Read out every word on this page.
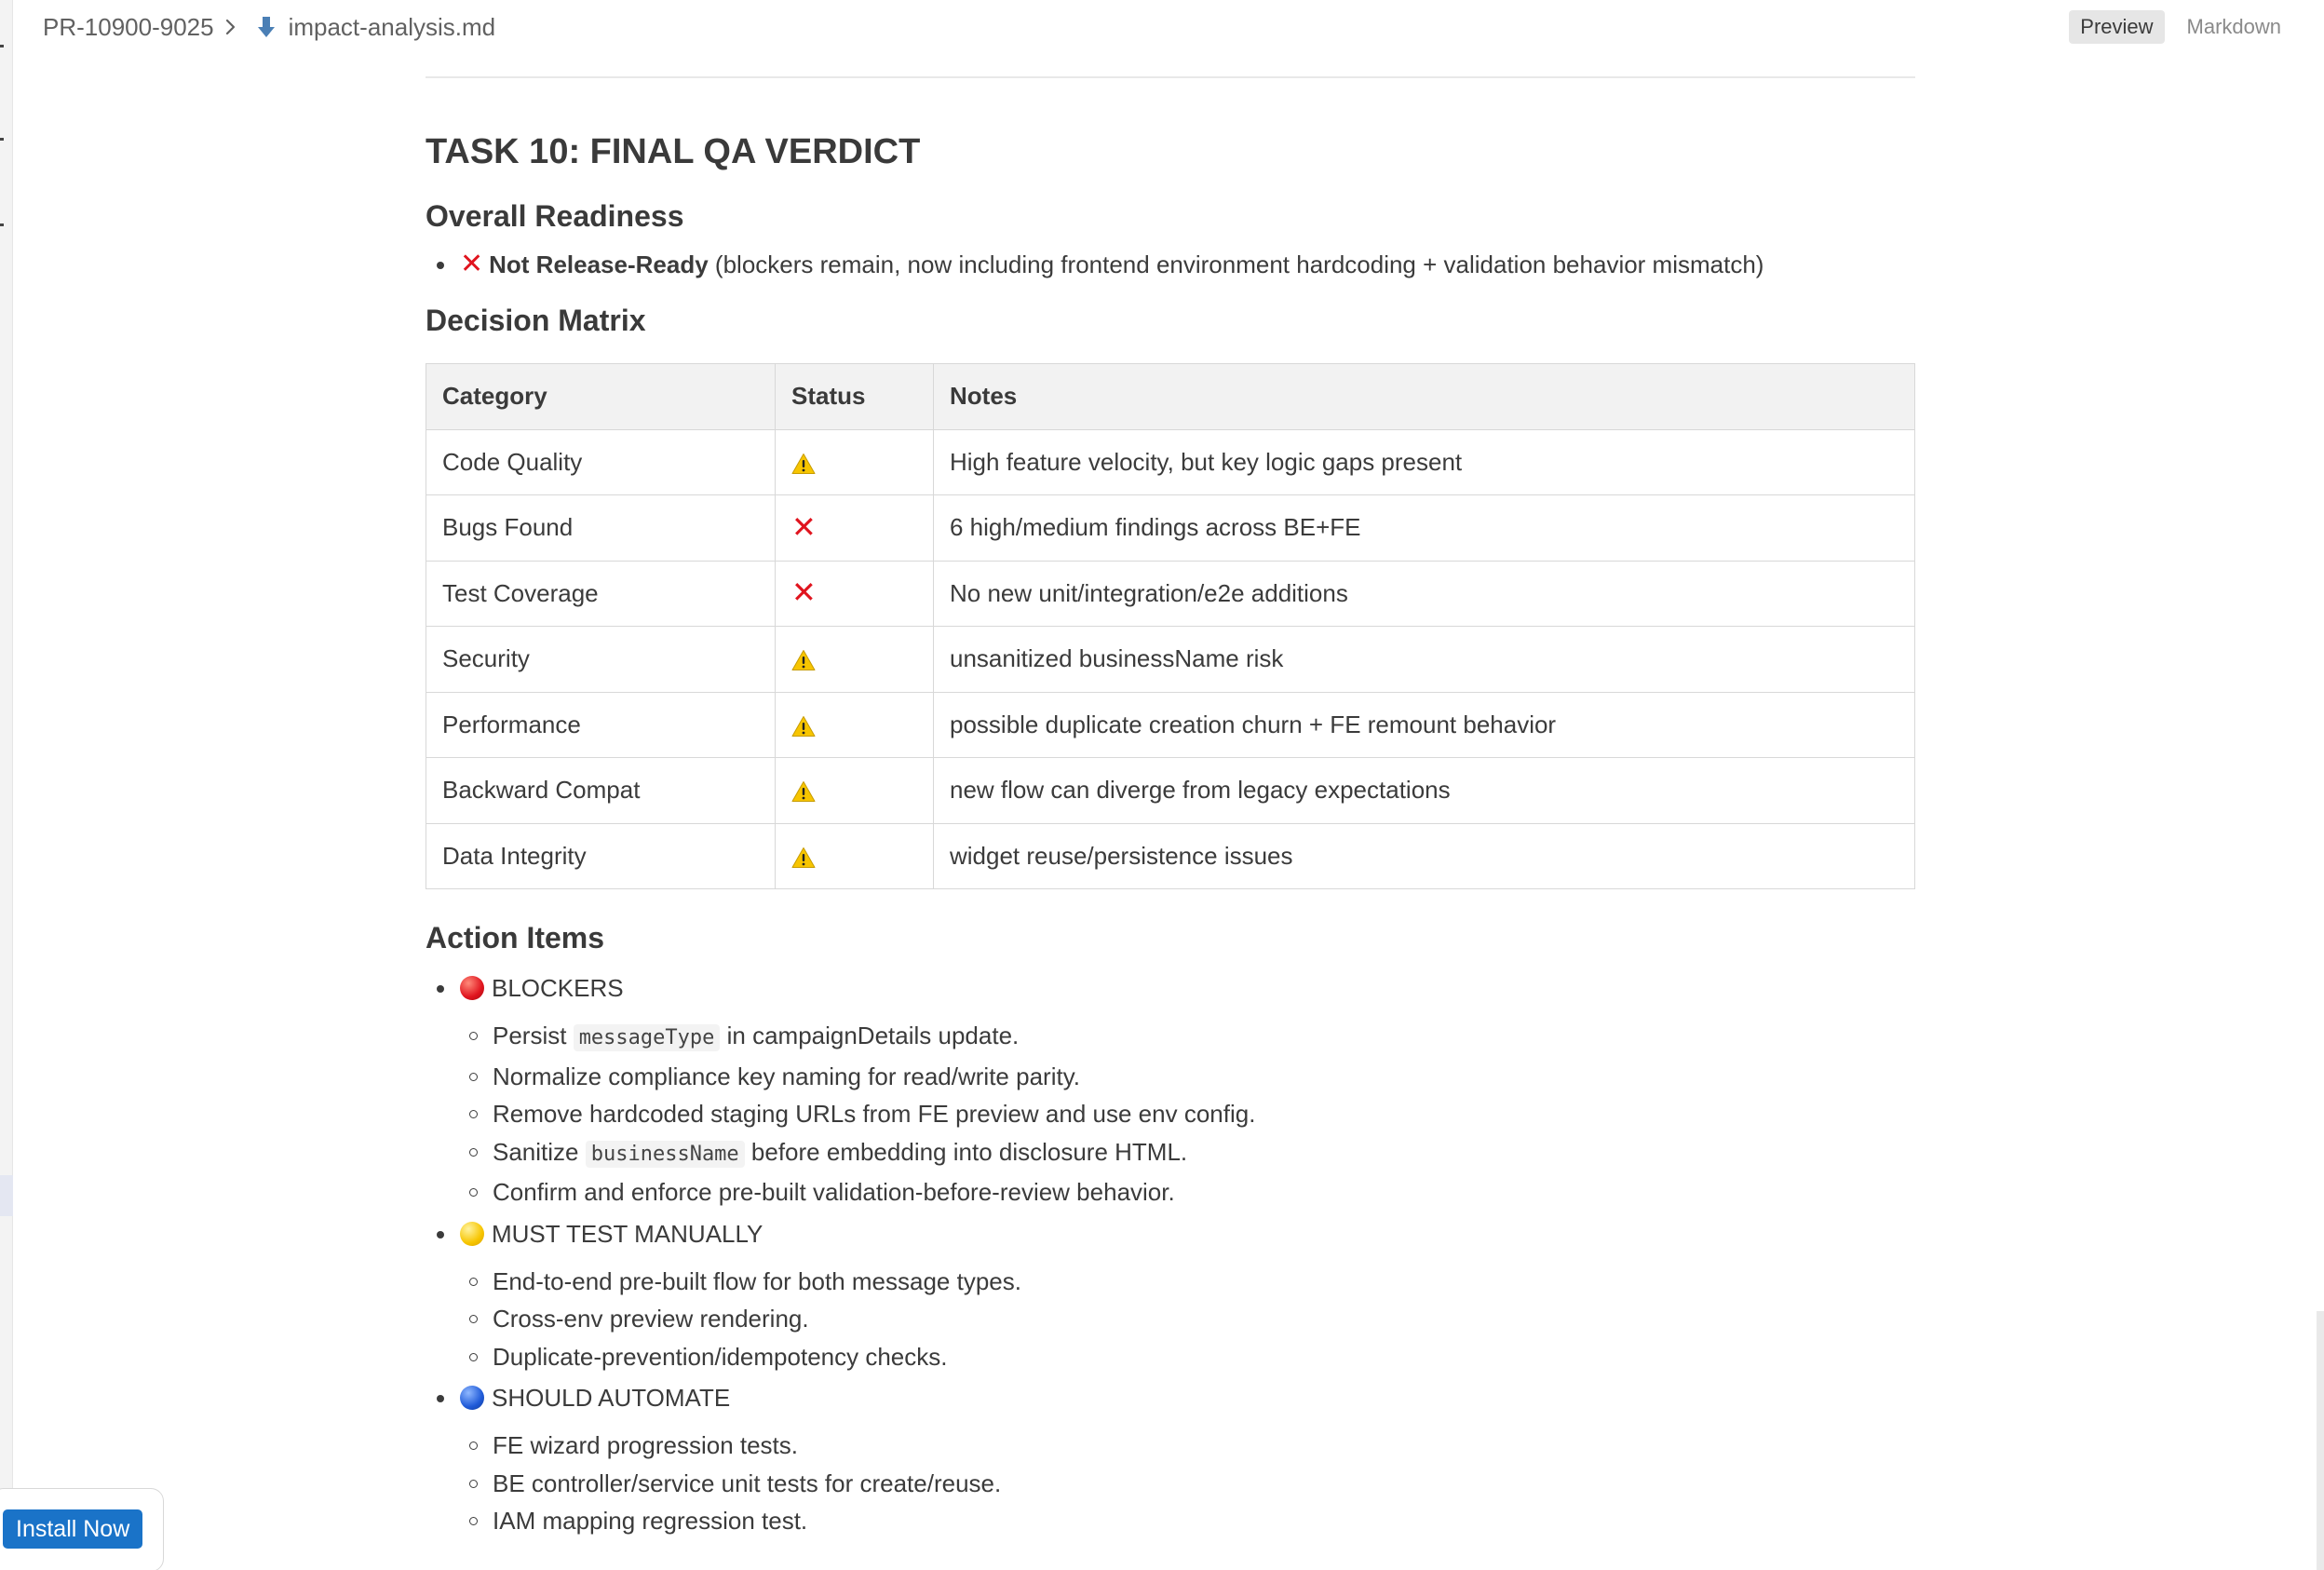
PR-10900-9025	impact-analysis.md	Preview	Markdown
TASK 10: FINAL QA VERDICT
Overall Readiness
✕ Not Release-Ready (blockers remain, now including frontend environment hardcoding + validation behavior mismatch)
Decision Matrix
Category	Status	Notes
Code Quality		High feature velocity, but key logic gaps present
Bugs Found	✕	6 high/medium findings across BE+FE
Test Coverage	✕	No new unit/integration/e2e additions
Security		unsanitized businessName risk
Performance		possible duplicate creation churn + FE remount behavior
Backward Compat		new flow can diverge from legacy expectations
Data Integrity		widget reuse/persistence issues
Action Items
BLOCKERS
Persist messageType in campaignDetails update.
Normalize compliance key naming for read/write parity.
Remove hardcoded staging URLs from FE preview and use env config.
Sanitize businessName before embedding into disclosure HTML.
Confirm and enforce pre-built validation-before-review behavior.
MUST TEST MANUALLY
End-to-end pre-built flow for both message types.
Cross-env preview rendering.
Duplicate-prevention/idempotency checks.
SHOULD AUTOMATE
FE wizard progression tests.
BE controller/service unit tests for create/reuse.
IAM mapping regression test.
Install Now
